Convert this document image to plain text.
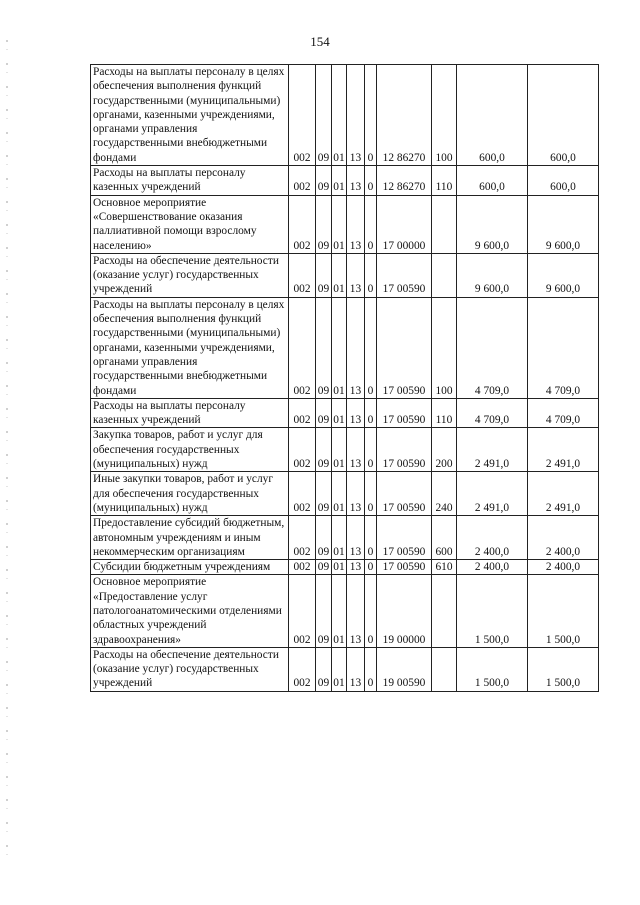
154
Расходы на выплаты персоналу в целях обеспечения выполнения функций государственными (муниципальными) органами, казенными учреждениями, органами управления государственными внебюджетными фондами	002	09	01	13	0	12 86270	100	600,0	600,0
Расходы на выплаты персоналу казенных учреждений	002	09	01	13	0	12 86270	110	600,0	600,0
Основное мероприятие «Совершенствование оказания паллиативной помощи взрослому населению»	002	09	01	13	0	17 00000		9 600,0	9 600,0
Расходы на обеспечение деятельности (оказание услуг) государственных учреждений	002	09	01	13	0	17 00590		9 600,0	9 600,0
Расходы на выплаты персоналу в целях обеспечения выполнения функций государственными (муниципальными) органами, казенными учреждениями, органами управления государственными внебюджетными фондами	002	09	01	13	0	17 00590	100	4 709,0	4 709,0
Расходы на выплаты персоналу казенных учреждений	002	09	01	13	0	17 00590	110	4 709,0	4 709,0
Закупка товаров, работ и услуг для обеспечения государственных (муниципальных) нужд	002	09	01	13	0	17 00590	200	2 491,0	2 491,0
Иные закупки товаров, работ и услуг для обеспечения государственных (муниципальных) нужд	002	09	01	13	0	17 00590	240	2 491,0	2 491,0
Предоставление субсидий бюджетным, автономным учреждениям и иным некоммерческим организациям	002	09	01	13	0	17 00590	600	2 400,0	2 400,0
Субсидии бюджетным учреждениям	002	09	01	13	0	17 00590	610	2 400,0	2 400,0
Основное мероприятие «Предоставление услуг патологоанатомическими отделениями областных учреждений здравоохранения»	002	09	01	13	0	19 00000		1 500,0	1 500,0
Расходы на обеспечение деятельности (оказание услуг) государственных учреждений	002	09	01	13	0	19 00590		1 500,0	1 500,0
